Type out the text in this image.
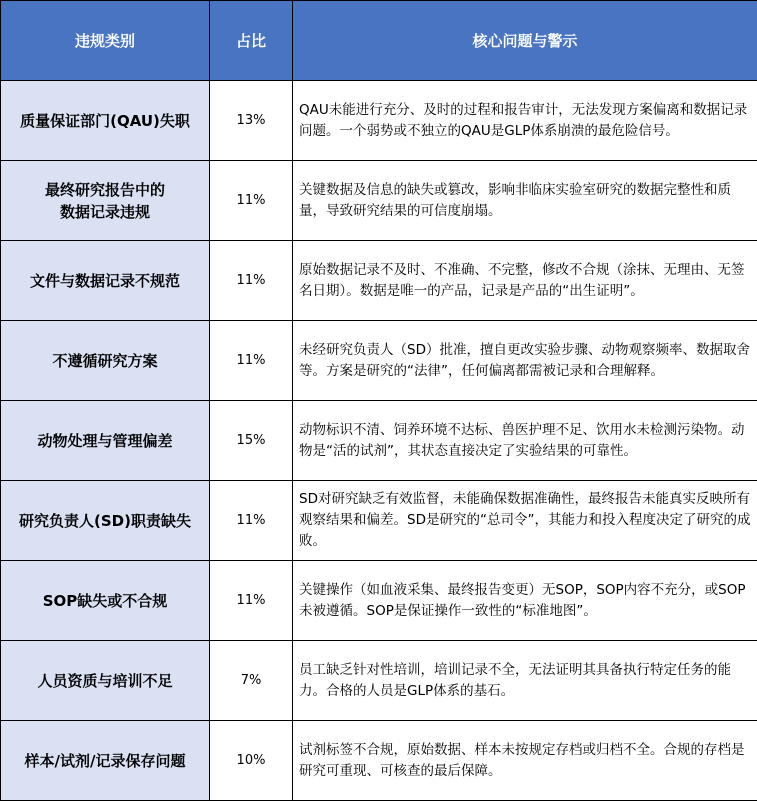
违规类别	占比	核心问题与警示
质量保证部门(QAU)失职	13%	QAU未能进行充分、及时的过程和报告审计，无法发现方案偏离和数据记录问题。一个弱势或不独立的QAU是GLP体系崩溃的最危险信号。
最终研究报告中的
数据记录违规	11%	关键数据及信息的缺失或篡改，影响非临床实验室研究的数据完整性和质量，导致研究结果的可信度崩塌。
文件与数据记录不规范	11%	原始数据记录不及时、不准确、不完整，修改不合规（涂抹、无理由、无签名日期）。数据是唯一的产品，记录是产品的“出生证明”。
不遵循研究方案	11%	未经研究负责人（SD）批准，擅自更改实验步骤、动物观察频率、数据取舍等。方案是研究的“法律”，任何偏离都需被记录和合理解释。
动物处理与管理偏差	15%	动物标识不清、饲养环境不达标、兽医护理不足、饮用水未检测污染物。动物是“活的试剂”，其状态直接决定了实验结果的可靠性。
研究负责人(SD)职责缺失	11%	SD对研究缺乏有效监督，未能确保数据准确性，最终报告未能真实反映所有观察结果和偏差。SD是研究的“总司令”，其能力和投入程度决定了研究的成败。
SOP缺失或不合规	11%	关键操作（如血液采集、最终报告变更）无SOP，SOP内容不充分，或SOP未被遵循。SOP是保证操作一致性的“标准地图”。
人员资质与培训不足	7%	员工缺乏针对性培训，培训记录不全，无法证明其具备执行特定任务的能力。合格的人员是GLP体系的基石。
样本/试剂/记录保存问题	10%	试剂标签不合规，原始数据、样本未按规定存档或归档不全。合规的存档是研究可重现、可核查的最后保障。
